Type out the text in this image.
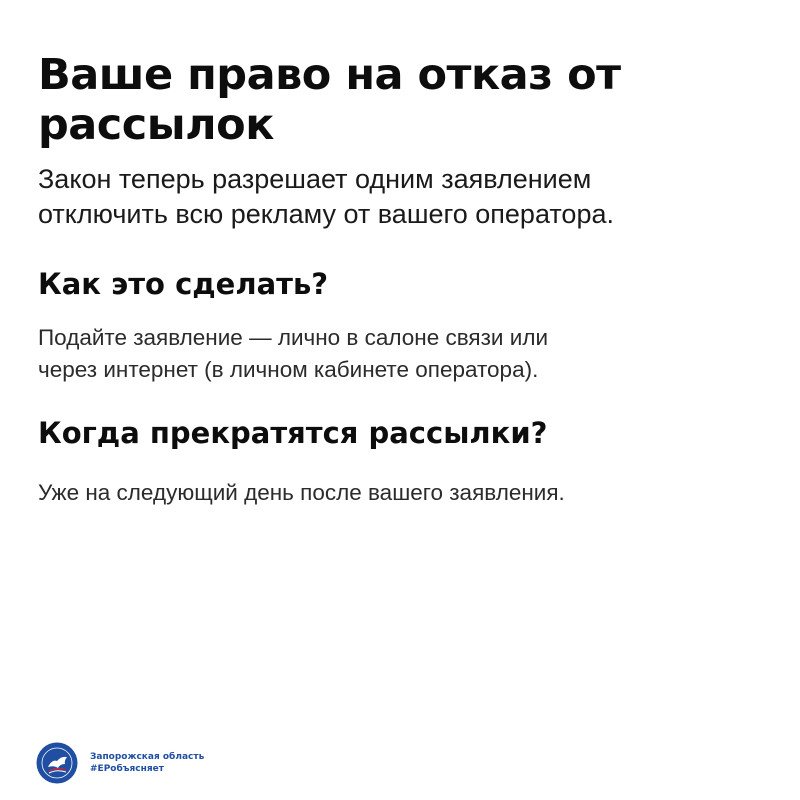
Ваше право на отказ от
рассылок

Закон теперь разрешает одним заявлением
отключить всю рекламу от вашего оператора.

Как это сделать?

Подайте заявление — лично в салоне связи или
через интернет (в личном кабинете оператора).

Когда прекратятся рассылки?

Уже на следующий день после вашего заявления.

Запорожская область
#ЕРобъясняет
